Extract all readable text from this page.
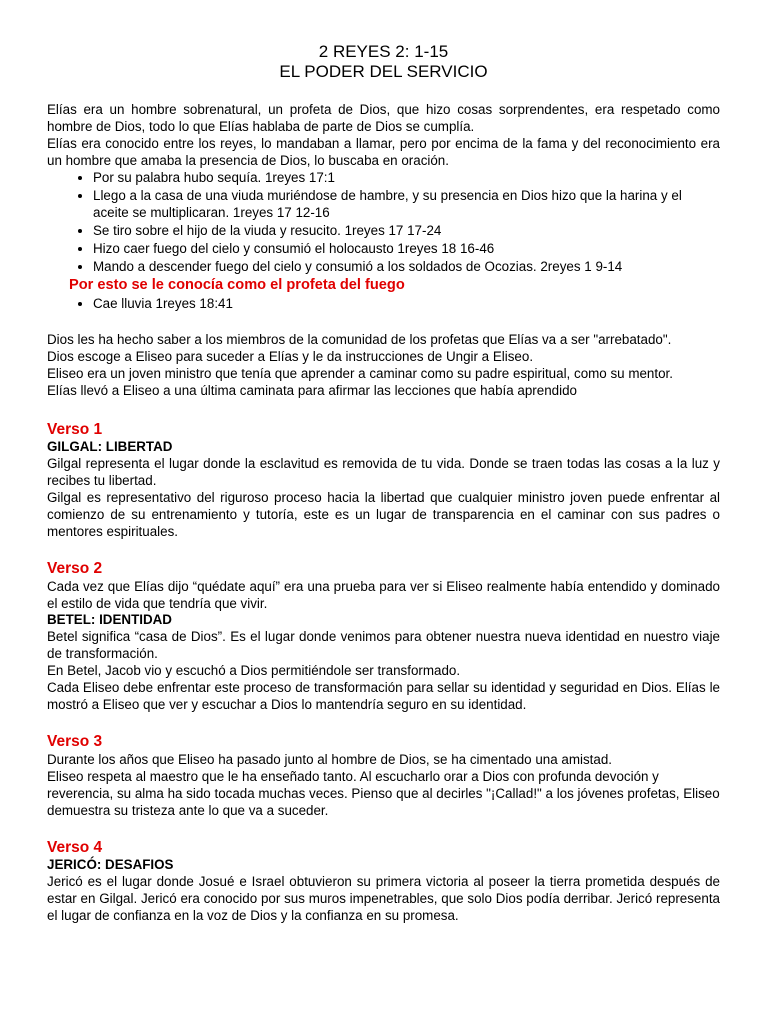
2 REYES 2: 1-15
EL PODER DEL SERVICIO

Elías era un hombre sobrenatural, un profeta de Dios, que hizo cosas sorprendentes, era respetado como hombre de Dios, todo lo que Elías hablaba de parte de Dios se cumplía.

Elías era conocido entre los reyes, lo mandaban a llamar, pero por encima de la fama y del reconocimiento era un hombre que amaba la presencia de Dios, lo buscaba en oración.

• Por su palabra hubo sequía. 1reyes 17:1
• Llego a la casa de una viuda muriéndose de hambre, y su presencia en Dios hizo que la harina y el aceite se multiplicaran. 1reyes 17 12-16
• Se tiro sobre el hijo de la viuda y resucito. 1reyes 17 17-24
• Hizo caer fuego del cielo y consumió el holocausto 1reyes 18 16-46
• Mando a descender fuego del cielo y consumió a los soldados de Ocozias. 2reyes 1 9-14
Por esto se le conocía como el profeta del fuego
• Cae lluvia 1reyes 18:41

Dios les ha hecho saber a los miembros de la comunidad de los profetas que Elías va a ser "arrebatado".

Dios escoge a Eliseo para suceder a Elías y le da instrucciones de Ungir a Eliseo.

Eliseo era un joven ministro que tenía que aprender a caminar como su padre espiritual, como su mentor.

Elías llevó a Eliseo a una última caminata para afirmar las lecciones que había aprendido

Verso 1
GILGAL: LIBERTAD

Gilgal representa el lugar donde la esclavitud es removida de tu vida. Donde se traen todas las cosas a la luz y recibes tu libertad.

Gilgal es representativo del riguroso proceso hacia la libertad que cualquier ministro joven puede enfrentar al comienzo de su entrenamiento y tutoría, este es un lugar de transparencia en el caminar con sus padres o mentores espirituales.

Verso 2

Cada vez que Elías dijo “quédate aquí” era una prueba para ver si Eliseo realmente había entendido y dominado el estilo de vida que tendría que vivir.

BETEL: IDENTIDAD

Betel significa “casa de Dios”. Es el lugar donde venimos para obtener nuestra nueva identidad en nuestro viaje de transformación.

En Betel, Jacob vio y escuchó a Dios permitiéndole ser transformado.

Cada Eliseo debe enfrentar este proceso de transformación para sellar su identidad y seguridad en Dios. Elías le mostró a Eliseo que ver y escuchar a Dios lo mantendría seguro en su identidad.

Verso 3

Durante los años que Eliseo ha pasado junto al hombre de Dios, se ha cimentado una amistad.

Eliseo respeta al maestro que le ha enseñado tanto. Al escucharlo orar a Dios con profunda devoción y reverencia, su alma ha sido tocada muchas veces. Pienso que al decirles "¡Callad!" a los jóvenes profetas, Eliseo demuestra su tristeza ante lo que va a suceder.

Verso 4
JERICÓ: DESAFIOS

Jericó es el lugar donde Josué e Israel obtuvieron su primera victoria al poseer la tierra prometida después de estar en Gilgal. Jericó era conocido por sus muros impenetrables, que solo Dios podía derribar. Jericó representa el lugar de confianza en la voz de Dios y la confianza en su promesa.
